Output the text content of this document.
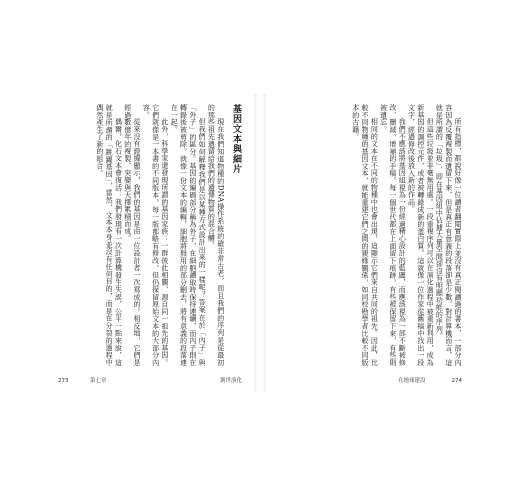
基因文本與細片

現在我們知道物種的DNA操作系統的確非常古老，而且我們的序列是從最初的那些祖先遺留給我們的遺傳物質的混合體。

但我們如何解釋我們是以某種方式設計出來的一樣呢？答案在於「內子」與「外子」的區分。基因的編碼部分稱為外子，在細胞讀取時保持連續，而內子則在轉錄後被剪除。就像一份文本的編輯，細胞將無用的部分刪去，將有意義的段落連在一起。

此外，科學家還發現所謂的基因家族：一群彼此相關、源自同一祖先的基因。它們就像是一本書的不同版本，每一版都略有修改，但仍保留原始文本的大部分內容。

從來沒有證據顯示，我們的基因是由一位設計者一次寫成的。相反地，它們是經過數億年的複製、突變與天擇累積而成。

偶爾，化石文本會復活：我們發現有一次計算機發生失誤，公平一點來說，這就是所謂的「跳躍基因」，當然，文本本身並沒有任何目的，而是在分裂的過程中偶然產生了新的組合。

273	第七章	創世演化

所有指標，都說好像一位讀者翻閱實際上並沒有真正閱讀過的書本，一部分內容因為反覆複製而遺留下來，但是真正有意義的段落卻是少數。對計算機而言，這就是所謂的「垃圾」，即在基因組中佔據大量空間卻沒有明顯功能的序列。

但這些垃圾並非毫無用處。一段重複序列可以在演化過程中被重新利用，成為新基因的調控元件，或者被轉錄成新的蛋白質。這就像一位作家從舊稿中找出一段文字，經過修改後放入新的作品。

我們不應該將基因組視為一份經過精心設計的藍圖，而應該視為一部不斷被修改、刪減、增補的手稿。每一個世代都在上面留下痕跡，有些被保留下來，有些則被遺忘。

相同的文本在不同的物種中也會出現，這顯示它們來自共同的祖先。因此，比較不同物種的基因文本，就能重建它們之間的親緣關係，如同校勘學者比較不同版本的古籍。

在地球建設	274
